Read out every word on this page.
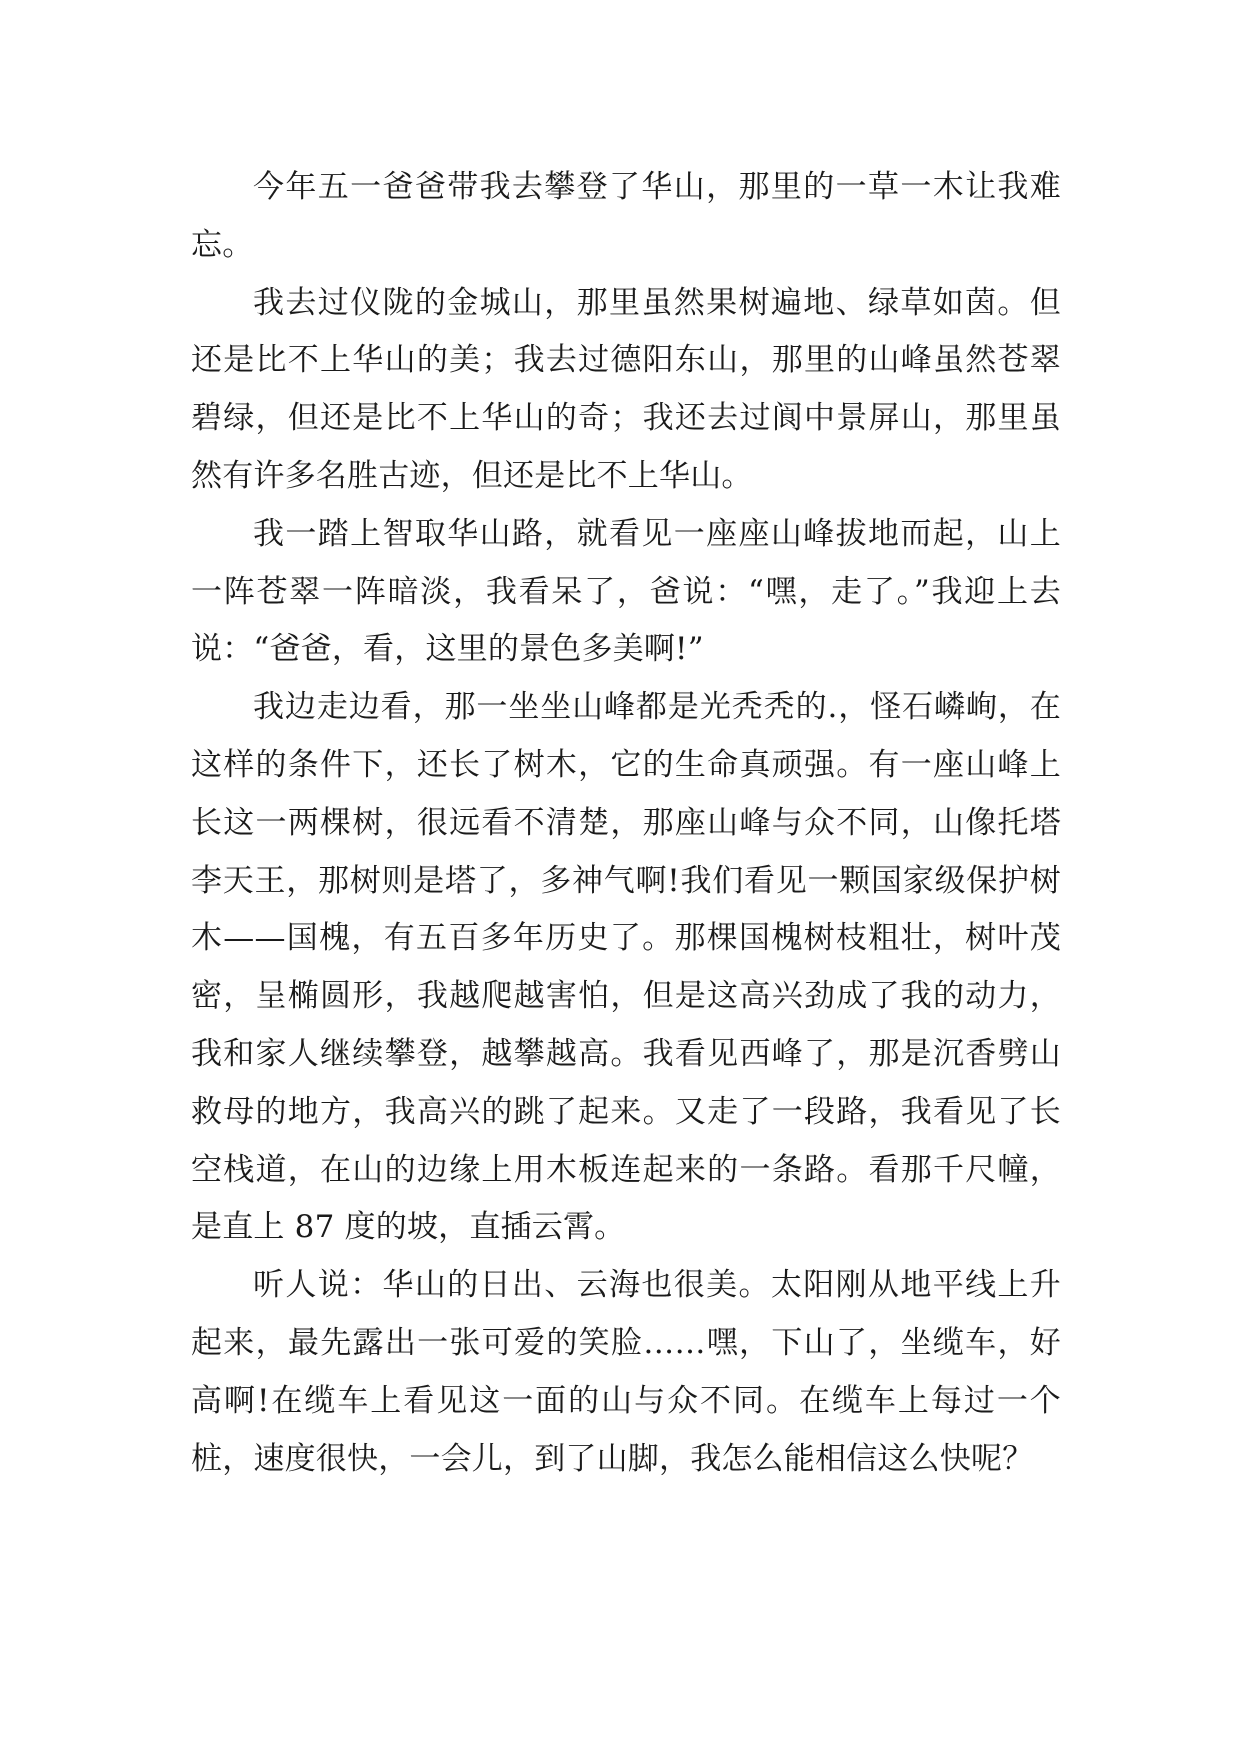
今年五一爸爸带我去攀登了华山，那里的一草一木让我难忘。

我去过仪陇的金城山，那里虽然果树遍地、绿草如茵。但还是比不上华山的美；我去过德阳东山，那里的山峰虽然苍翠碧绿，但还是比不上华山的奇；我还去过阆中景屏山，那里虽然有许多名胜古迹，但还是比不上华山。

我一踏上智取华山路，就看见一座座山峰拔地而起，山上一阵苍翠一阵暗淡，我看呆了，爸说：“嘿，走了。”我迎上去说：“爸爸，看，这里的景色多美啊!”

我边走边看，那一坐坐山峰都是光秃秃的.，怪石嶙峋，在这样的条件下，还长了树木，它的生命真顽强。有一座山峰上长这一两棵树，很远看不清楚，那座山峰与众不同，山像托塔李天王，那树则是塔了，多神气啊!我们看见一颗国家级保护树木——国槐，有五百多年历史了。那棵国槐树枝粗壮，树叶茂密，呈椭圆形，我越爬越害怕，但是这高兴劲成了我的动力，我和家人继续攀登，越攀越高。我看见西峰了，那是沉香劈山救母的地方，我高兴的跳了起来。又走了一段路，我看见了长空栈道，在山的边缘上用木板连起来的一条路。看那千尺幢，是直上 87 度的坡，直插云霄。

听人说：华山的日出、云海也很美。太阳刚从地平线上升起来，最先露出一张可爱的笑脸……嘿，下山了，坐缆车，好高啊!在缆车上看见这一面的山与众不同。在缆车上每过一个桩，速度很快，一会儿，到了山脚，我怎么能相信这么快呢？
